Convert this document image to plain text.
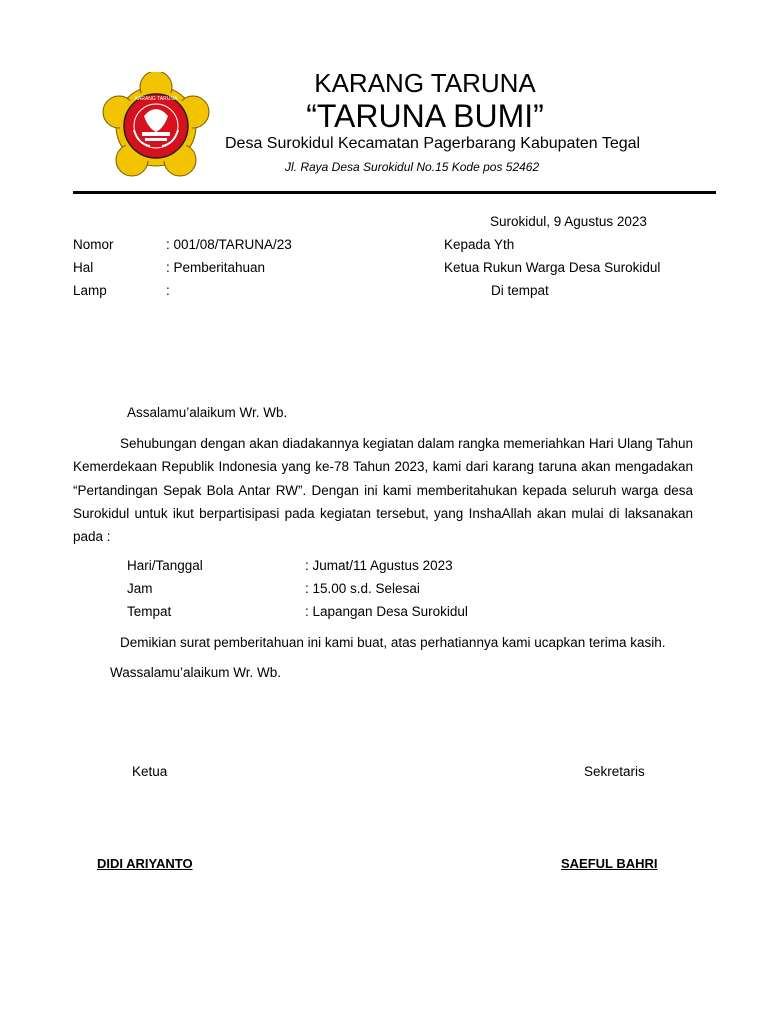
KARANG TARUNA
KARANG TARUNA
“TARUNA BUMI”
Desa Surokidul Kecamatan Pagerbarang Kabupaten Tegal
Jl. Raya Desa Surokidul No.15 Kode pos 52462
Surokidul, 9 Agustus 2023
Nomor	: 001/08/TARUNA/23
Hal	: Pemberitahuan
Lamp	:
Kepada Yth
Ketua Rukun Warga Desa Surokidul
Di tempat
Assalamu’alaikum Wr. Wb.
Sehubungan dengan akan diadakannya kegiatan dalam rangka memeriahkan Hari Ulang Tahun Kemerdekaan Republik Indonesia yang ke-78 Tahun 2023, kami dari karang taruna akan mengadakan “Pertandingan Sepak Bola Antar RW”. Dengan ini kami memberitahukan kepada seluruh warga desa Surokidul untuk ikut berpartisipasi pada kegiatan tersebut, yang InshaAllah akan mulai di laksanakan pada :
Hari/Tanggal	: Jumat/11 Agustus 2023
Jam	: 15.00 s.d. Selesai
Tempat	: Lapangan Desa Surokidul
Demikian surat pemberitahuan ini kami buat, atas perhatiannya kami ucapkan terima kasih.
Wassalamu’alaikum Wr. Wb.
Ketua	Sekretaris
DIDI ARIYANTO	SAEFUL BAHRI
